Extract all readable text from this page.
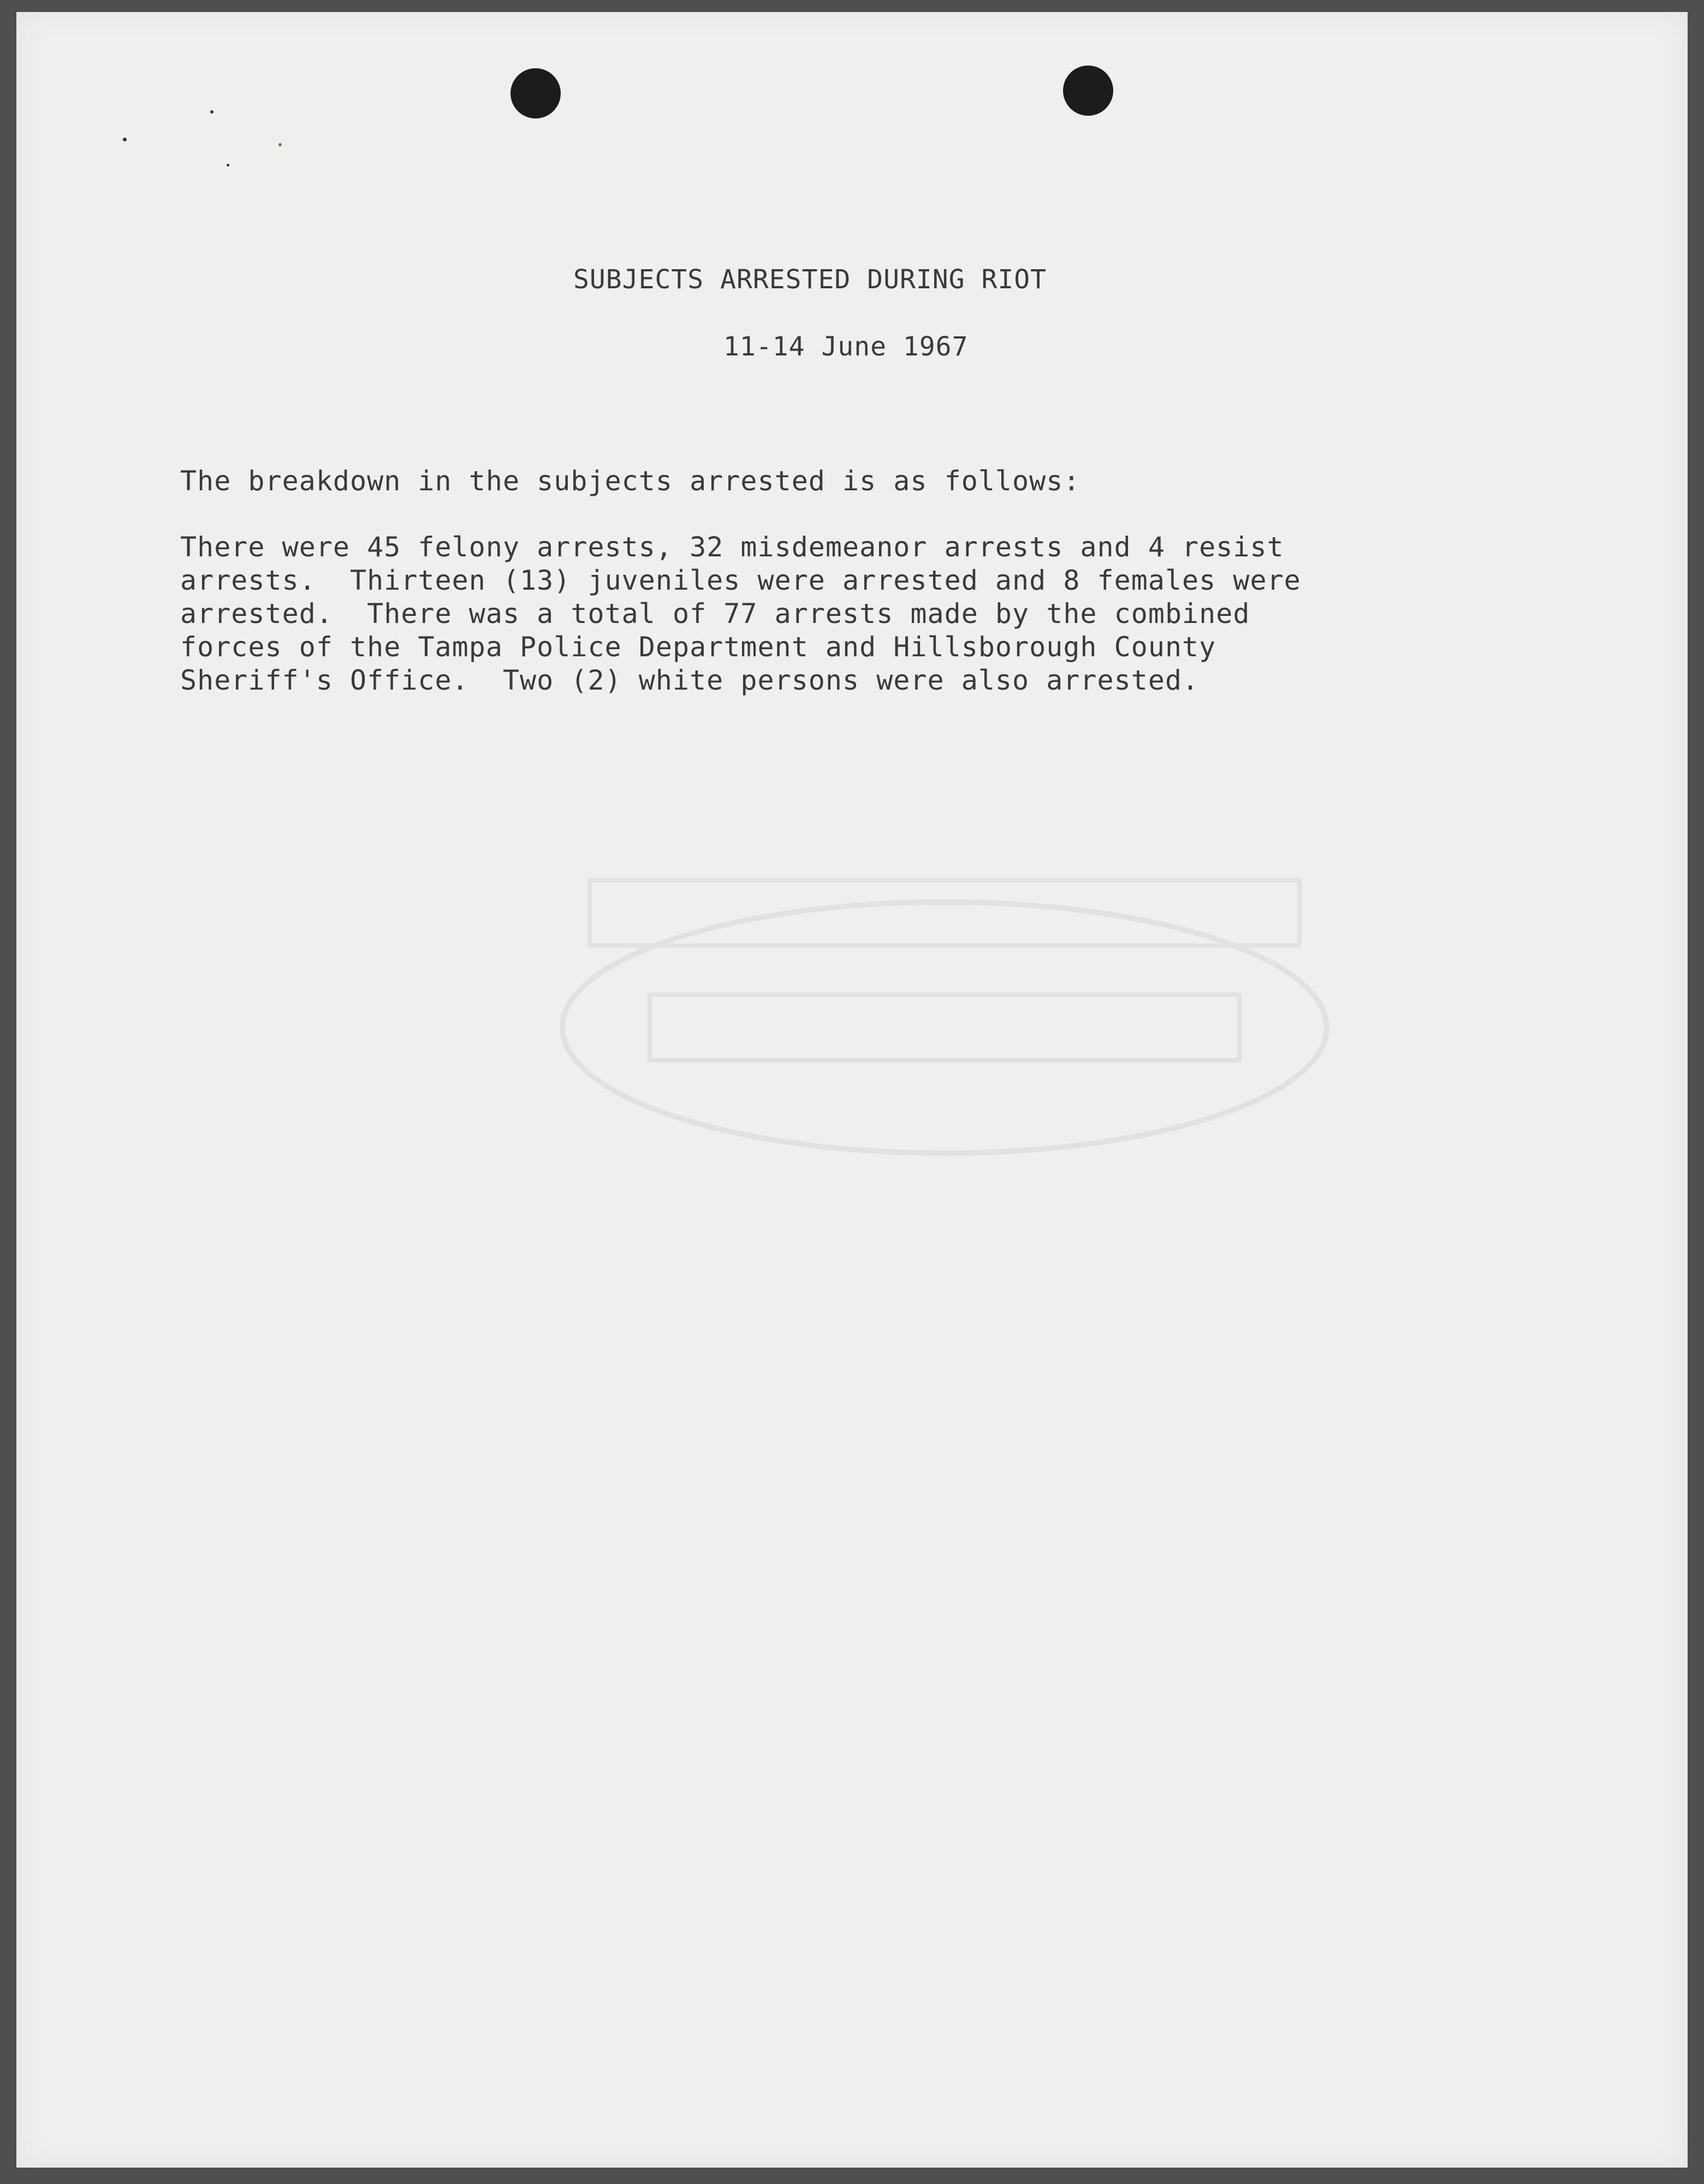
SUBJECTS ARRESTED DURING RIOT
11-14 June 1967
The breakdown in the subjects arrested is as follows:
There were 45 felony arrests, 32 misdemeanor arrests and 4 resist
arrests.  Thirteen (13) juveniles were arrested and 8 females were
arrested.  There was a total of 77 arrests made by the combined
forces of the Tampa Police Department and Hillsborough County
Sheriff's Office.  Two (2) white persons were also arrested.
